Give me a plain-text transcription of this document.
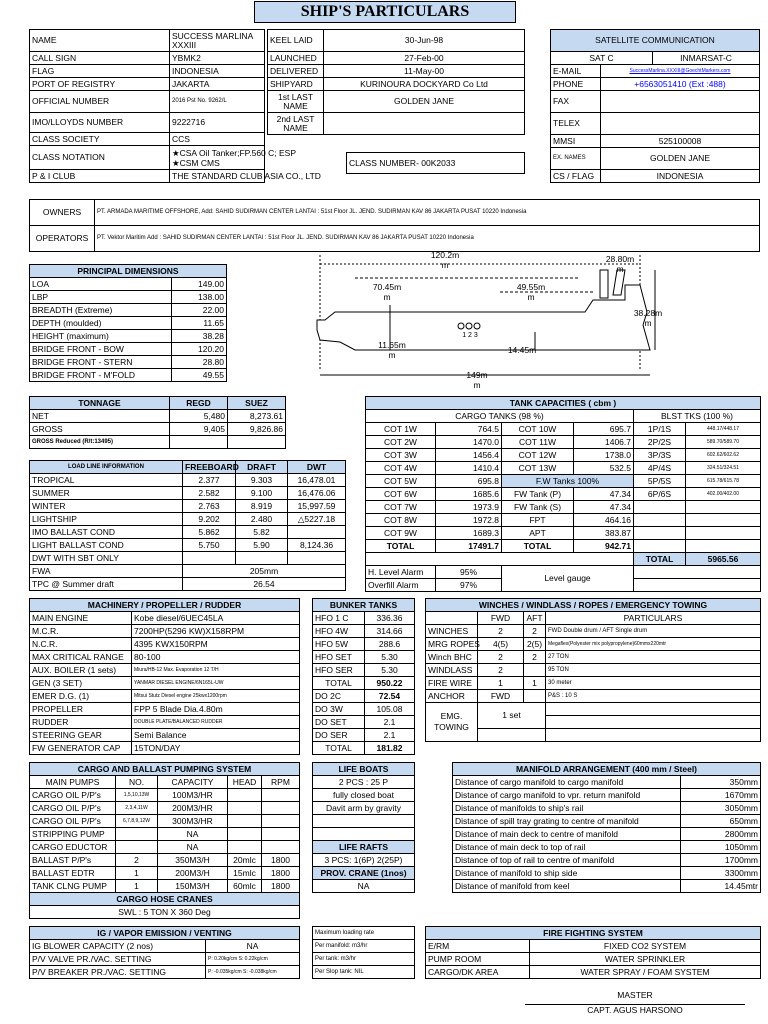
SHIP'S PARTICULARS
NAME	SUCCESS MARLINA XXXIII
CALL SIGN	YBMK2
FLAG	INDONESIA
PORT OF REGISTRY	JAKARTA
OFFICIAL NUMBER	2016 Pst No. 9262/L
IMO/LLOYDS NUMBER	9222716
CLASS SOCIETY	CCS
CLASS NOTATION	★CSA Oil Tanker;FP.560 C; ESP
★CSM CMS

P & I CLUB	THE STANDARD CLUB ASIA CO., LTD
KEEL LAID	30-Jun-98
LAUNCHED	27-Feb-00
DELIVERED	11-May-00
SHIPYARD	KURINOURA DOCKYARD Co Ltd
1st LAST NAME	GOLDEN JANE
2nd LAST NAME	
CLASS NUMBER- 00K2033
SATELLITE COMMUNICATION		
SAT C		INMARSAT-C
E-MAIL	SuccessMarlina.XXXIII@GoechtMarkers.com	
PHONE	+6563051410 (Ext :488)	
FAX		
TELEX		
MMSI	525100008	
EX. NAMES	GOLDEN JANE	
CS / FLAG	INDONESIA	
OWNERS	PT. ARMADA MARITIME OFFSHORE, Add: SAHID SUDIRMAN CENTER LANTAI : 51st Floor JL. JEND. SUDIRMAN KAV 86 JAKARTA PUSAT 10220 Indonesia
OPERATORS	PT. Vektor Maritim Add : SAHID SUDIRMAN CENTER LANTAI : 51st Floor JL. JEND. SUDIRMAN KAV 86 JAKARTA PUSAT 10220 Indonesia
PRINCIPAL DIMENSIONS	
LOA	149.00
LBP	138.00
BREADTH (Extreme)	22.00
DEPTH (moulded)	11.65
HEIGHT (maximum)	38.28
BRIDGE FRONT - BOW	120.20
BRIDGE FRONT - STERN	28.80
BRIDGE FRONT - M'FOLD	49.55
120.2m
m
28.80m
m
70.45m
m
49.55m
m
38.28m
m
11.65m
m	14.45m
149m
m
1 2 3
TONNAGE	REGD	SUEZ
NET	5,480	8,273.61
GROSS	9,405	9,826.86
GROSS Reduced (R/t:13495)		
LOAD LINE INFORMATION	FREEBOARD	DRAFT	DWT
TROPICAL	2.377	9.303	16,478.01
SUMMER	2.582	9.100	16,476.06
WINTER	2.763	8.919	15,997.59
LIGHTSHIP	9.202	2.480	△5227.18
IMO BALLAST COND	5.862	5.82	
LIGHT BALLAST COND	5.750	5.90	8,124.36
DWT WITH SBT ONLY			
FWA	205mm		
TPC @ Summer draft	26.54		
TANK CAPACITIES ( cbm )					
CARGO TANKS (98 %)				BLST TKS (100 %)	
COT 1W	764.5	COT 10W	695.7	1P/1S	448.17/448.17
COT 2W	1470.0	COT 11W	1406.7	2P/2S	589.70/589.70
COT 3W	1456.4	COT 12W	1738.0	3P/3S	602.62/602.62
COT 4W	1410.4	COT 13W	532.5	4P/4S	324.51/324.51
COT 5W	695.8	F.W Tanks 100%		5P/5S	615.78/615.78
COT 6W	1685.6	FW Tank (P)	47.34	6P/6S	402.00/402.00
COT 7W	1973.9	FW Tank (S)	47.34		
COT 8W	1972.8	FPT	464.16		
COT 9W	1689.3	APT	383.87		
TOTAL	17491.7	TOTAL	942.71		
				TOTAL	5965.56
H. Level Alarm	95%	Level gauge			
Overfill Alarm	97%				
MACHINERY / PROPELLER / RUDDER	
MAIN ENGINE	Kobe diesel/6UEC45LA
M.C.R.	7200HP(5296 KW)X158RPM
N.C.R.	4395 KWX150RPM
MAX CRITICAL RANGE	80-100
AUX. BOILER (1 sets)	Miura/HB-12 Max. Evaporation 12 T/H
GEN (3 SET)	YANMAR DIESEL ENGINE/6N165L-UW
EMER D.G. (1)	Mitsui Stutz Diesel engine 25kwx1200rpm
PROPELLER	FPP 5 Blade Dia.4.80m
RUDDER	DOUBLE PLATE/BALANCED RUDDER
STEERING GEAR	Semi Balance
FW GENERATOR CAP	15TON/DAY
BUNKER TANKS	
HFO 1 C	336.36
HFO 4W	314.66
HFO 5W	288.6
HFO SET	5.30
HFO SER	5.30
TOTAL	950.22
DO 2C	72.54
DO 3W	105.08
DO SET	2.1
DO SER	2.1
TOTAL	181.82
WINCHES / WINDLASS / ROPES / EMERGENCY TOWING			
	FWD	AFT	PARTICULARS
WINCHES	2	2	FWD Double drum / AFT Single drum
MRG ROPES	4(5)	2(5)	Megaflex(Polyester mix polypropylene)60mmx220mtr
Winch BHC	2	2	27 TON
WINDLASS	2		95 TON
FIRE WIRE	1	1	30 meter
ANCHOR	FWD		P&S : 10 S
EMG. TOWING	1 set		

CARGO AND BALLAST PUMPING SYSTEM				
MAIN PUMPS	NO.	CAPACITY	HEAD	RPM
CARGO OIL P/P's	1,5,10,13W	100M3/HR		
CARGO OIL P/P's	2,3,4,11W	200M3/HR		
CARGO OIL P/P's	6,7,8,9,12W	300M3/HR		
STRIPPING PUMP		NA		
CARGO EDUCTOR		NA		
BALLAST P/P's	2	350M3/H	20mlc	1800
BALLAST EDTR	1	200M3/H	15mlc	1800
TANK CLNG PUMP	1	150M3/H	60mlc	1800
CARGO HOSE CRANES				
SWL : 5 TON X 360 Deg				
LIFE BOATS
2 PCS : 25 P
fully closed boat
Davit arm by gravity

LIFE RAFTS
3 PCS: 1(6P) 2(25P)
PROV. CRANE (1nos)
NA
MANIFOLD ARRANGEMENT (400 mm / Steel)	
Distance of cargo manifold to cargo manifold	350mm
Distance of cargo manifold to vpr. return manifold	1670mm
Distance of manifolds to ship's rail	3050mm
Distance of spill tray grating to centre of manifold	650mm
Distance of main deck to centre of manifold	2800mm
Distance of main deck to top of rail	1050mm
Distance of top of rail to centre of manifold	1700mm
Distance of manifold to ship side	3300mm
Distance of manifold from keel	14.45mtr
IG / VAPOR EMISSION / VENTING	
IG BLOWER CAPACITY (2 nos)	NA
P/V VALVE PR./VAC. SETTING	P: 0.20kg/cm S: 0.22kg/cm
P/V BREAKER PR./VAC. SETTING	P: -0.035kg/cm S: -0.038kg/cm
Maximum loading rate
Per manifold: m3/hr
Per tank: m3/hr
Per Slop tank: NIL
FIRE FIGHTING SYSTEM	
E/RM	FIXED CO2 SYSTEM
PUMP ROOM	WATER SPRINKLER
CARGO/DK AREA	WATER SPRAY / FOAM SYSTEM
MASTER
CAPT. AGUS HARSONO
